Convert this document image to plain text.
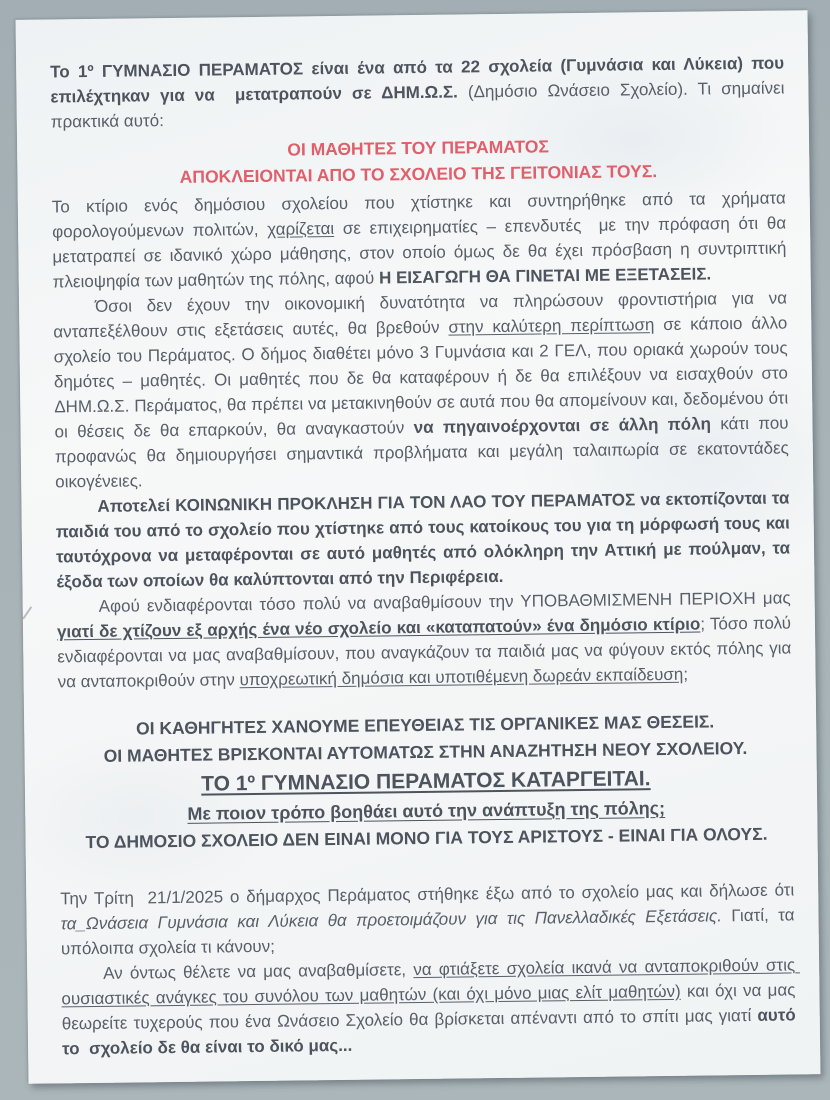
Το 1º ΓΥΜΝΑΣΙΟ ΠΕΡΑΜΑΤΟΣ είναι ένα από τα 22 σχολεία (Γυμνάσια και Λύκεια) που επιλέχτηκαν για να  μετατραπούν σε ΔΗΜ.Ω.Σ. (Δημόσιο Ωνάσειο Σχολείο). Τι σημαίνει πρακτικά αυτό:

ΟΙ ΜΑΘΗΤΕΣ ΤΟΥ ΠΕΡΑΜΑΤΟΣ
ΑΠΟΚΛΕΙΟΝΤΑΙ ΑΠΟ ΤΟ ΣΧΟΛΕΙΟ ΤΗΣ ΓΕΙΤΟΝΙΑΣ ΤΟΥΣ.

Το κτίριο ενός δημόσιου σχολείου που χτίστηκε και συντηρήθηκε από τα χρήματα φορολογούμενων πολιτών, χαρίζεται σε επιχειρηματίες – επενδυτές  με την πρόφαση ότι θα μετατραπεί σε ιδανικό χώρο μάθησης, στον οποίο όμως δε θα έχει πρόσβαση η συντριπτική πλειοψηφία των μαθητών της πόλης, αφού Η ΕΙΣΑΓΩΓΗ ΘΑ ΓΙΝΕΤΑΙ ΜΕ ΕΞΕΤΑΣΕΙΣ.

Όσοι δεν έχουν την οικονομική δυνατότητα να πληρώσουν φροντιστήρια για να ανταπεξέλθουν στις εξετάσεις αυτές, θα βρεθούν στην καλύτερη περίπτωση σε κάποιο άλλο σχολείο του Περάματος. Ο δήμος διαθέτει μόνο 3 Γυμνάσια και 2 ΓΕΛ, που οριακά χωρούν τους δημότες – μαθητές. Οι μαθητές που δε θα καταφέρουν ή δε θα επιλέξουν να εισαχθούν στο ΔΗΜ.Ω.Σ. Περάματος, θα πρέπει να μετακινηθούν σε αυτά που θα απομείνουν και, δεδομένου ότι οι θέσεις δε θα επαρκούν, θα αναγκαστούν να πηγαινοέρχονται σε άλλη πόλη κάτι που προφανώς θα δημιουργήσει σημαντικά προβλήματα και μεγάλη ταλαιπωρία σε εκατοντάδες οικογένειες.

Αποτελεί ΚΟΙΝΩΝΙΚΗ ΠΡΟΚΛΗΣΗ ΓΙΑ ΤΟΝ ΛΑΟ ΤΟΥ ΠΕΡΑΜΑΤΟΣ να εκτοπίζονται τα παιδιά του από το σχολείο που χτίστηκε από τους κατοίκους του για τη μόρφωσή τους και ταυτόχρονα να μεταφέρονται σε αυτό μαθητές από ολόκληρη την Αττική με πούλμαν, τα έξοδα των οποίων θα καλύπτονται από την Περιφέρεια.

Αφού ενδιαφέρονται τόσο πολύ να αναβαθμίσουν την ΥΠΟΒΑΘΜΙΣΜΕΝΗ ΠΕΡΙΟΧΗ μας γιατί δε χτίζουν εξ αρχής ένα νέο σχολείο και «καταπατούν» ένα δημόσιο κτίριο; Τόσο πολύ ενδιαφέρονται να μας αναβαθμίσουν, που αναγκάζουν τα παιδιά μας να φύγουν εκτός πόλης για να ανταποκριθούν στην υποχρεωτική δημόσια και υποτιθέμενη δωρεάν εκπαίδευση;

ΟΙ ΚΑΘΗΓΗΤΕΣ ΧΑΝΟΥΜΕ ΕΠΕΥΘΕΙΑΣ ΤΙΣ ΟΡΓΑΝΙΚΕΣ ΜΑΣ ΘΕΣΕΙΣ.
ΟΙ ΜΑΘΗΤΕΣ ΒΡΙΣΚΟΝΤΑΙ ΑΥΤΟΜΑΤΩΣ ΣΤΗΝ ΑΝΑΖΗΤΗΣΗ ΝΕΟΥ ΣΧΟΛΕΙΟΥ.
ΤΟ 1º ΓΥΜΝΑΣΙΟ ΠΕΡΑΜΑΤΟΣ ΚΑΤΑΡΓΕΙΤΑΙ.
Με ποιον τρόπο βοηθάει αυτό την ανάπτυξη της πόλης;
ΤΟ ΔΗΜΟΣΙΟ ΣΧΟΛΕΙΟ ΔΕΝ ΕΙΝΑΙ ΜΟΝΟ ΓΙΑ ΤΟΥΣ ΑΡΙΣΤΟΥΣ - ΕΙΝΑΙ ΓΙΑ ΟΛΟΥΣ.

Την Τρίτη  21/1/2025 ο δήμαρχος Περάματος στήθηκε έξω από το σχολείο μας και δήλωσε ότι τα_Ωνάσεια Γυμνάσια και Λύκεια θα προετοιμάζουν για τις Πανελλαδικές Εξετάσεις. Γιατί, τα υπόλοιπα σχολεία τι κάνουν;

Αν όντως θέλετε να μας αναβαθμίσετε, να φτιάξετε σχολεία ικανά να ανταποκριθούν στις ουσιαστικές ανάγκες του συνόλου των μαθητών (και όχι μόνο μιας ελίτ μαθητών) και όχι να μας θεωρείτε τυχερούς που ένα Ωνάσειο Σχολείο θα βρίσκεται απέναντι από το σπίτι μας γιατί αυτό το  σχολείο δε θα είναι το δικό μας...
